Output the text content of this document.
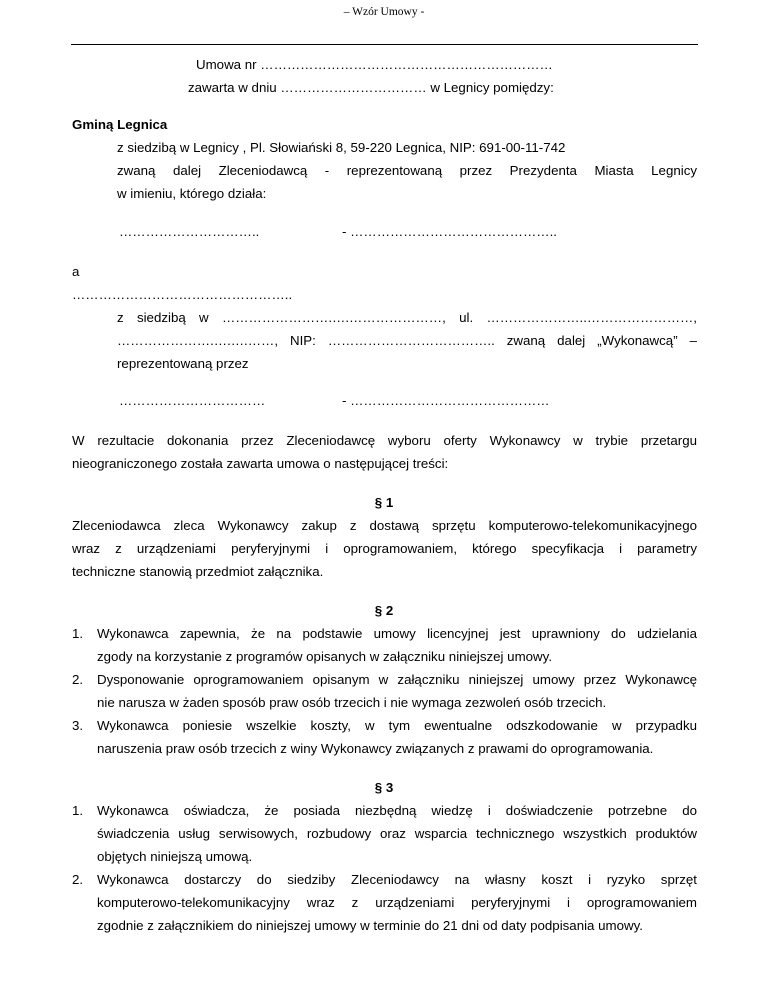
– Wzór Umowy -
Umowa nr …………………………………………………………
zawarta w dniu …………………………… w Legnicy pomiędzy:
Gminą Legnica
z siedzibą w Legnicy , Pl. Słowiański 8, 59-220 Legnica, NIP: 691-00-11-742
zwaną dalej Zleceniodawcą - reprezentowaną przez Prezydenta Miasta Legnicy
w imieniu, którego działa:
…………………………..	- ………………………………………..
a
…………………………………………..
z siedzibą w …………………….….…………………, ul. …………………..……………………,
………………….….….……, NIP: ……………………………….. zwaną dalej „Wykonawcą” –
reprezentowaną przez
……………………………	- ………………………………………
W rezultacie dokonania przez Zleceniodawcę wyboru oferty Wykonawcy w trybie przetargu
nieograniczonego została zawarta umowa o następującej treści:
§ 1
Zleceniodawca zleca Wykonawcy zakup z dostawą sprzętu komputerowo-telekomunikacyjnego
wraz z urządzeniami peryferyjnymi i oprogramowaniem, którego specyfikacja i parametry
techniczne stanowią przedmiot załącznika.
§ 2
1. Wykonawca zapewnia, że na podstawie umowy licencyjnej jest uprawniony do udzielania
zgody na korzystanie z programów opisanych w załączniku niniejszej umowy.
2. Dysponowanie oprogramowaniem opisanym w załączniku niniejszej umowy przez Wykonawcę
nie narusza w żaden sposób praw osób trzecich i nie wymaga zezwoleń osób trzecich.
3. Wykonawca poniesie wszelkie koszty, w tym ewentualne odszkodowanie w przypadku
naruszenia praw osób trzecich z winy Wykonawcy związanych z prawami do oprogramowania.
§ 3
1. Wykonawca oświadcza, że posiada niezbędną wiedzę i doświadczenie potrzebne do
świadczenia usług serwisowych, rozbudowy oraz wsparcia technicznego wszystkich produktów
objętych niniejszą umową.
2. Wykonawca dostarczy do siedziby Zleceniodawcy na własny koszt i ryzyko sprzęt
komputerowo-telekomunikacyjny wraz z urządzeniami peryferyjnymi i oprogramowaniem
zgodnie z załącznikiem do niniejszej umowy w terminie do 21 dni od daty podpisania umowy.
